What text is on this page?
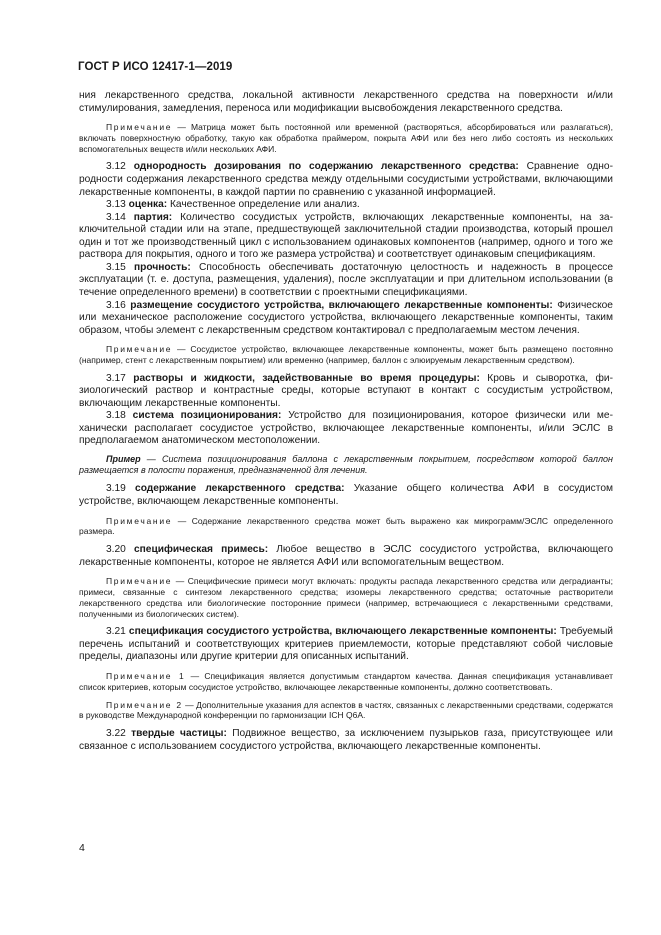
ГОСТ Р ИСО 12417-1—2019

ния лекарственного средства, локальной активности лекарственного средства на поверхности и/или стимулирования, замедления, переноса или модификации высвобождения лекарственного средства.

Примечание — Матрица может быть постоянной или временной (растворяться, абсорбироваться или разлагаться), включать поверхностную обработку, такую как обработка праймером, покрыта АФИ или без него либо состоять из нескольких вспомогательных веществ и/или нескольких АФИ.

3.12 однородность дозирования по содержанию лекарственного средства: Сравнение однородности содержания лекарственного средства между отдельными сосудистыми устройствами, включающими лекарственные компоненты, в каждой партии по сравнению с указанной информацией.

3.13 оценка: Качественное определение или анализ.

3.14 партия: Количество сосудистых устройств, включающих лекарственные компоненты, на заключительной стадии или на этапе, предшествующей заключительной стадии производства, который прошел один и тот же производственный цикл с использованием одинаковых компонентов (например, одного и того же раствора для покрытия, одного и того же размера устройства) и соответствует одинаковым спецификациям.

3.15 прочность: Способность обеспечивать достаточную целостность и надежность в процессе эксплуатации (т. е. доступа, размещения, удаления), после эксплуатации и при длительном использовании (в течение определенного времени) в соответствии с проектными спецификациями.

3.16 размещение сосудистого устройства, включающего лекарственные компоненты: Физическое или механическое расположение сосудистого устройства, включающего лекарственные компоненты, таким образом, чтобы элемент с лекарственным средством контактировал с предполагаемым местом лечения.

Примечание — Сосудистое устройство, включающее лекарственные компоненты, может быть размещено постоянно (например, стент с лекарственным покрытием) или временно (например, баллон с элюируемым лекарственным средством).

3.17 растворы и жидкости, задействованные во время процедуры: Кровь и сыворотка, физиологический раствор и контрастные среды, которые вступают в контакт с сосудистым устройством, включающим лекарственные компоненты.

3.18 система позиционирования: Устройство для позиционирования, которое физически или механически располагает сосудистое устройство, включающее лекарственные компоненты, и/или ЭСЛС в предполагаемом анатомическом местоположении.

Пример — Система позиционирования баллона с лекарственным покрытием, посредством которой баллон размещается в полости поражения, предназначенной для лечения.

3.19 содержание лекарственного средства: Указание общего количества АФИ в сосудистом устройстве, включающем лекарственные компоненты.

Примечание — Содержание лекарственного средства может быть выражено как микрограмм/ЭСЛС определенного размера.

3.20 специфическая примесь: Любое вещество в ЭСЛС сосудистого устройства, включающего лекарственные компоненты, которое не является АФИ или вспомогательным веществом.

Примечание — Специфические примеси могут включать: продукты распада лекарственного средства или деградианты; примеси, связанные с синтезом лекарственного средства; изомеры лекарственного средства; остаточные растворители лекарственного средства или биологические посторонние примеси (например, встречающиеся с лекарственными средствами, полученными из биологических систем).

3.21 спецификация сосудистого устройства, включающего лекарственные компоненты: Требуемый перечень испытаний и соответствующих критериев приемлемости, которые представляют собой числовые пределы, диапазоны или другие критерии для описанных испытаний.

Примечание 1 — Спецификация является допустимым стандартом качества. Данная спецификация устанавливает список критериев, которым сосудистое устройство, включающее лекарственные компоненты, должно соответствовать.

Примечание 2 — Дополнительные указания для аспектов в частях, связанных с лекарственными средствами, содержатся в руководстве Международной конференции по гармонизации ICH Q6A.

3.22 твердые частицы: Подвижное вещество, за исключением пузырьков газа, присутствующее или связанное с использованием сосудистого устройства, включающего лекарственные компоненты.

4
